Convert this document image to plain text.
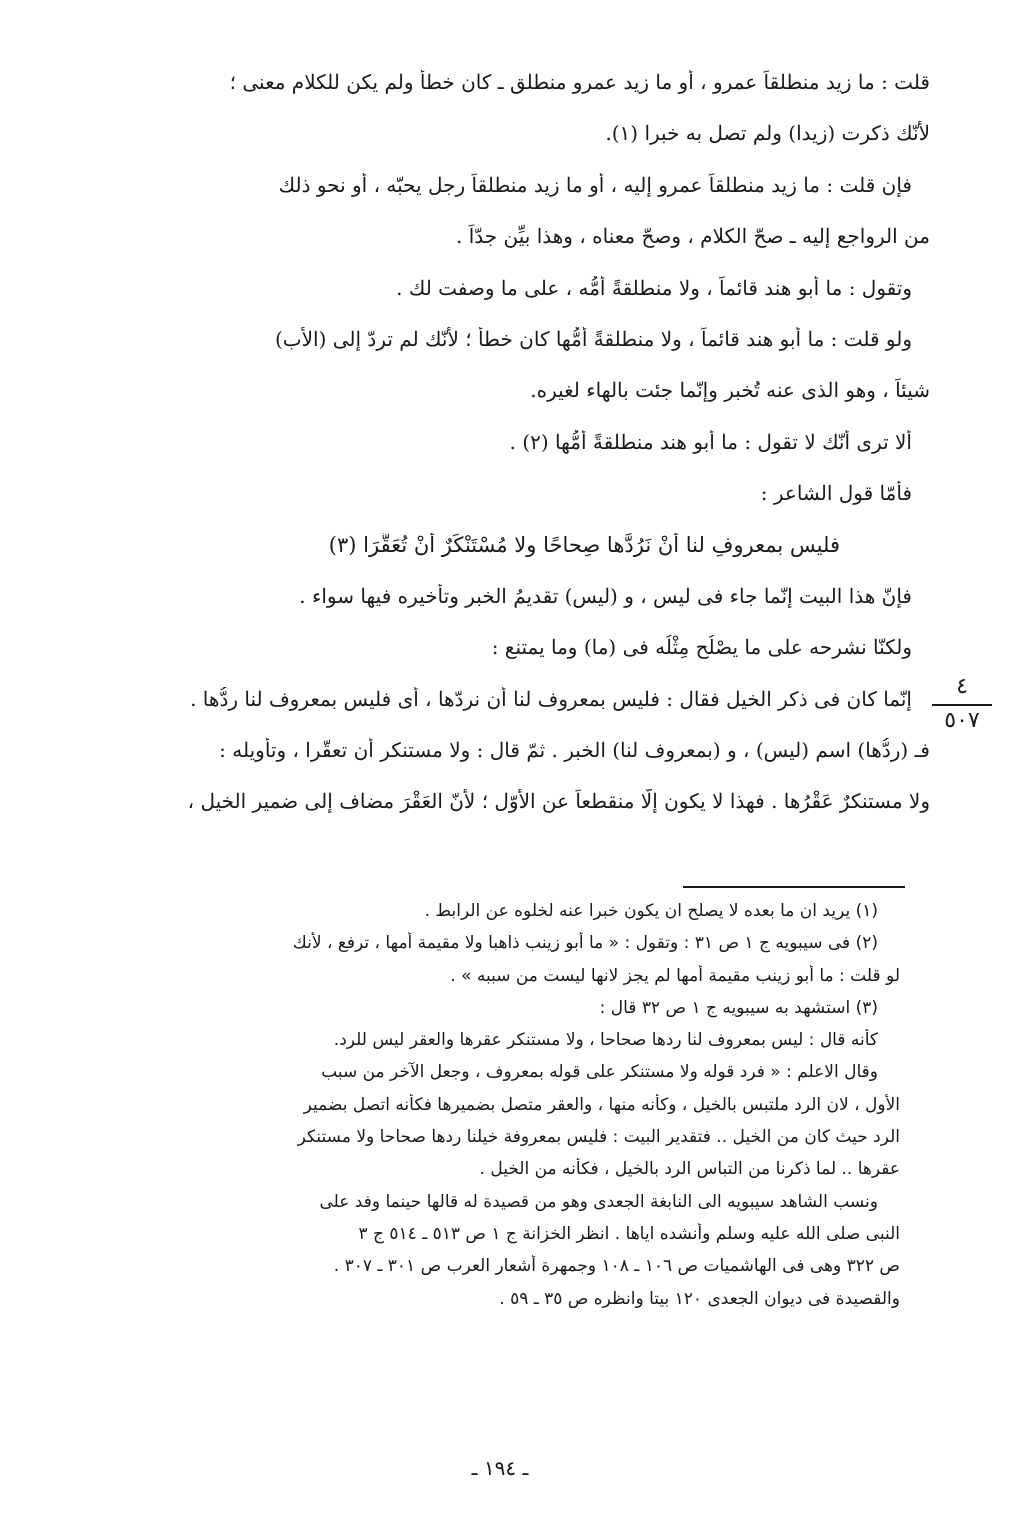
قلت : ما زيد منطلقاً عمرو ، أو ما زيد عمرو منطلق ـ كان خطأً ولم يكن للكلام معنى ؛
لأنّك ذكرت (زيدا) ولم تصل به خبرا (١).
فإن قلت : ما زيد منطلقاً عمرو إليه ، أو ما زيد منطلقاً رجل يحبّه ، أو نحو ذلك
من الرواجع إليه ـ صحّ الكلام ، وصحّ معناه ، وهذا بيِّن جدّاً .
وتقول : ما أبو هند قائماً ، ولا منطلقةً أمُّه ، على ما وصفت لك .
ولو قلت : ما أبو هند قائماً ، ولا منطلقةً أمُّها كان خطأً ؛ لأنّك لم تردّ إلى (الأب)
شيئاً ، وهو الذى عنه تُخبر وإنّما جئت بالهاء لغيره.
ألا ترى أنّك لا تقول : ما أبو هند منطلقةً أمُّها (٢) .
فأمّا قول الشاعر :
فليس بمعروفٍ لنا أنْ نَرُدَّها صِحاحًا ولا مُسْتَنْكَرٌ أنْ تُعَقَّرَا (٣)
فإنّ هذا البيت إنّما جاء فى ليس ، و (ليس) تقديمُ الخبر وتأخيره فيها سواء .
ولكنّا نشرحه على ما يصْلُح مِثْلُه فى (ما) وما يمتنع :
إنّما كان فى ذكر الخيل فقال : فليس بمعروف لنا أن نردّها ، أى فليس بمعروف لنا ردُّها .
فـ (ردُّها) اسم (ليس) ، و (بمعروف لنا) الخبر . ثمّ قال : ولا مستنكر أن تعقّرا ، وتأويله :
ولا مستنكرٌ عَقْرُها . فهذا لا يكون إلّا منقطعاً عن الأوّل ؛ لأنّ العَقْرَ مضاف إلى ضمير الخيل ،
٤
٥٠٧
(١) يريد ان ما بعده لا يصلح ان يكون خبرا عنه لخلوه عن الرابط .
(٢) فى سيبويه ج ١ ص ٣١ : وتقول : « ما أبو زينب ذاهبا ولا مقيمة أمها ، ترفع ، لأنك
لو قلت : ما أبو زينب مقيمة أمها لم يجز لانها ليست من سببه » .
(٣) استشهد به سيبويه ج ١ ص ٣٢ قال :
كأنه قال : ليس بمعروف لنا ردها صحاحا ، ولا مستنكر عقرها والعقر ليس للرد.
وقال الاعلم : « فرد قوله ولا مستنكر على قوله بمعروف ، وجعل الآخر من سبب
الأول ، لان الرد ملتبس بالخيل ، وكأنه منها ، والعقر متصل بضميرها فكأنه اتصل بضمير
الرد حيث كان من الخيل .. فتقدير البيت : فليس بمعروفة خيلنا ردها صحاحا ولا مستنكر
عقرها .. لما ذكرنا من التباس الرد بالخيل ، فكأنه من الخيل .
ونسب الشاهد سيبويه الى النابغة الجعدى وهو من قصيدة له قالها حينما وفد على
النبى صلى الله عليه وسلم وأنشده اياها . انظر الخزانة ج ١ ص ٥١٣ ـ ٥١٤ ج ٣
ص ٣٢٢ وهى فى الهاشميات ص ١٠٦ ـ ١٠٨ وجمهرة أشعار العرب ص ٣٠١ ـ ٣٠٧ .
والقصيدة فى ديوان الجعدى ١٢٠ بيتا وانظره ص ٣٥ ـ ٥٩ .
ـ ١٩٤ ـ
